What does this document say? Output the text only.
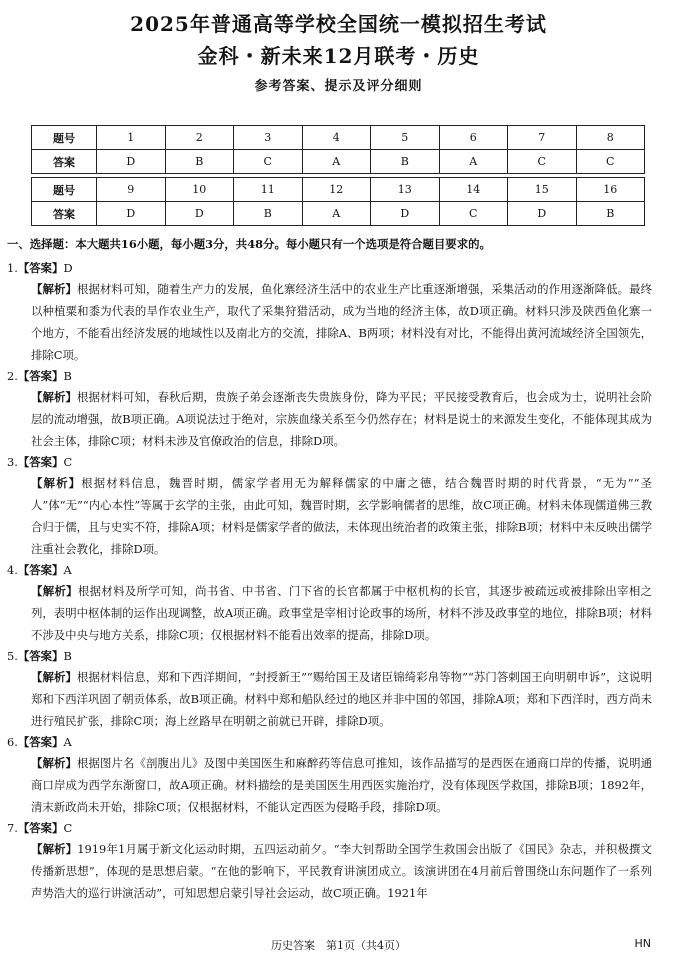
2025年普通高等学校全国统一模拟招生考试
金科・新未来12月联考・历史
参考答案、提示及评分细则
题号	1	2	3	4	5	6	7	8
答案	D	B	C	A	B	A	C	C
题号	9	10	11	12	13	14	15	16
答案	D	D	B	A	D	C	D	B
一、选择题：本大题共16小题，每小题3分，共48分。每小题只有一个选项是符合题目要求的。
1.【答案】D
【解析】根据材料可知，随着生产力的发展，鱼化寨经济生活中的农业生产比重逐渐增强，采集活动的作用逐渐降低。最终以种植粟和黍为代表的旱作农业生产，取代了采集狩猎活动，成为当地的经济主体，故D项正确。材料只涉及陕西鱼化寨一个地方，不能看出经济发展的地域性以及南北方的交流，排除A、B两项；材料没有对比，不能得出黄河流域经济全国领先，排除C项。
2.【答案】B
【解析】根据材料可知，春秋后期，贵族子弟会逐渐丧失贵族身份，降为平民；平民接受教育后，也会成为士，说明社会阶层的流动增强，故B项正确。A项说法过于绝对，宗族血缘关系至今仍然存在；材料是说士的来源发生变化，不能体现其成为社会主体，排除C项；材料未涉及官僚政治的信息，排除D项。
3.【答案】C
【解析】根据材料信息，魏晋时期，儒家学者用无为解释儒家的中庸之德，结合魏晋时期的时代背景，“无为”“圣人”体“无”“内心本性”等属于玄学的主张，由此可知，魏晋时期，玄学影响儒者的思维，故C项正确。材料未体现儒道佛三教合归于儒，且与史实不符，排除A项；材料是儒家学者的做法，未体现出统治者的政策主张，排除B项；材料中未反映出儒学注重社会教化，排除D项。
4.【答案】A
【解析】根据材料及所学可知，尚书省、中书省、门下省的长官都属于中枢机构的长官，其逐步被疏远或被排除出宰相之列，表明中枢体制的运作出现调整，故A项正确。政事堂是宰相讨论政事的场所，材料不涉及政事堂的地位，排除B项；材料不涉及中央与地方关系，排除C项；仅根据材料不能看出效率的提高，排除D项。
5.【答案】B
【解析】根据材料信息，郑和下西洋期间，“封授新王”“赐给国王及诸臣锦绮彩帛等物”“苏门答剌国王向明朝申诉”，这说明郑和下西洋巩固了朝贡体系，故B项正确。材料中郑和船队经过的地区并非中国的邻国，排除A项；郑和下西洋时，西方尚未进行殖民扩张，排除C项；海上丝路早在明朝之前就已开辟，排除D项。
6.【答案】A
【解析】根据图片名《剖腹出儿》及图中美国医生和麻醉药等信息可推知，该作品描写的是西医在通商口岸的传播，说明通商口岸成为西学东渐窗口，故A项正确。材料描绘的是美国医生用西医实施治疗，没有体现医学救国，排除B项；1892年，清末新政尚未开始，排除C项；仅根据材料，不能认定西医为侵略手段，排除D项。
7.【答案】C
【解析】1919年1月属于新文化运动时期，五四运动前夕。“李大钊帮助全国学生救国会出版了《国民》杂志，并积极撰文传播新思想”，体现的是思想启蒙。“在他的影响下，平民教育讲演团成立。该演讲团在4月前后曾围绕山东问题作了一系列声势浩大的巡行讲演活动”，可知思想启蒙引导社会运动，故C项正确。1921年
历史答案　第1页（共4页）	HN
